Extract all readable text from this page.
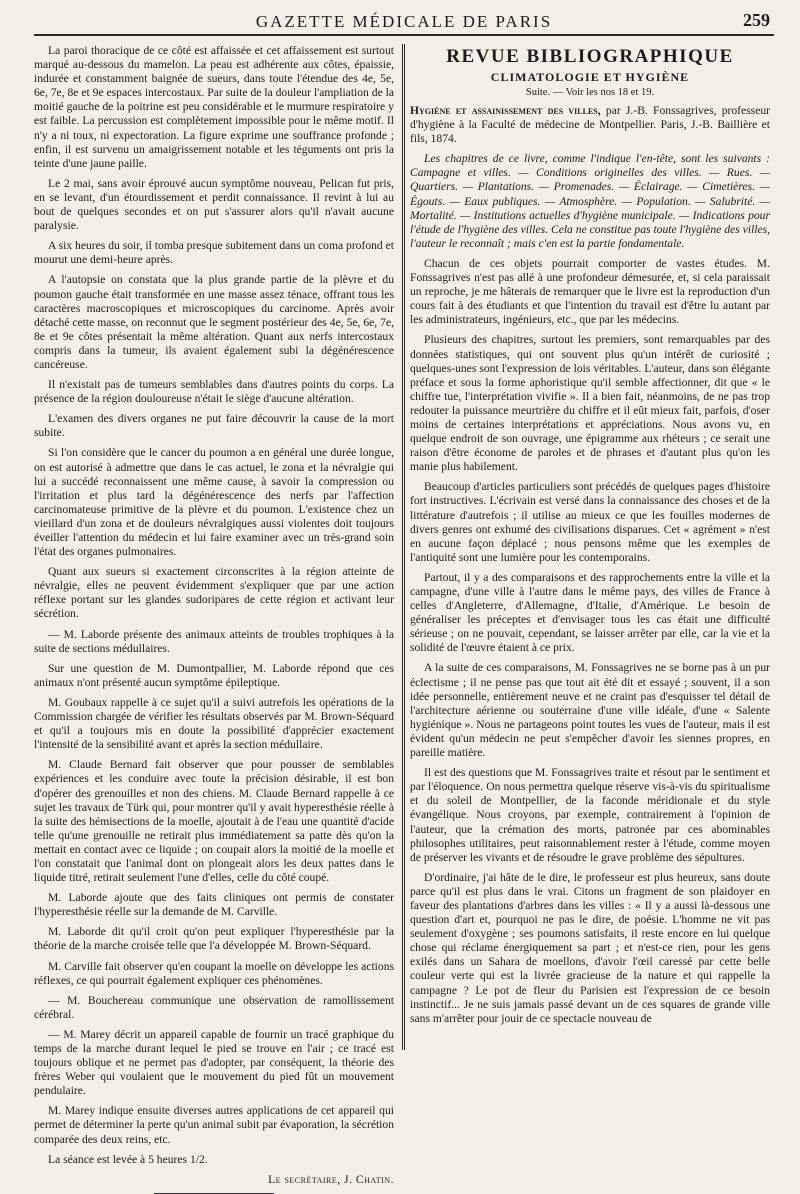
GAZETTE MÉDICALE DE PARIS	259

La paroi thoracique de ce côté est affaissée et cet affaissement est surtout marqué au-dessous du mamelon. La peau est adhérente aux côtes, épaissie, indurée et constamment baignée de sueurs, dans toute l'étendue des 4e, 5e, 6e, 7e, 8e et 9e espaces intercostaux. Par suite de la douleur l'ampliation de la moitié gauche de la poitrine est peu considérable et le murmure respiratoire y est faible. La percussion est complètement impossible pour le même motif. Il n'y a ni toux, ni expectoration. La figure exprime une souffrance profonde ; enfin, il est survenu un amaigrissement notable et les téguments ont pris la teinte d'une jaune paille.

Le 2 mai, sans avoir éprouvé aucun symptôme nouveau, Pelican fut pris, en se levant, d'un étourdissement et perdit connaissance. Il revint à lui au bout de quelques secondes et on put s'assurer alors qu'il n'avait aucune paralysie.

A six heures du soir, il tomba presque subitement dans un coma profond et mourut une demi-heure après.

A l'autopsie on constata que la plus grande partie de la plèvre et du poumon gauche était transformée en une masse assez ténace, offrant tous les caractères macroscopiques et microscopiques du carcinome. Après avoir détaché cette masse, on reconnut que le segment postérieur des 4e, 5e, 6e, 7e, 8e et 9e côtes présentait la même altération. Quant aux nerfs intercostaux compris dans la tumeur, ils avaient également subi la dégénérescence cancéreuse.

Il n'existait pas de tumeurs semblables dans d'autres points du corps. La présence de la région douloureuse n'était le siège d'aucune altération.

L'examen des divers organes ne put faire découvrir la cause de la mort subite.

Si l'on considère que le cancer du poumon a en général une durée longue, on est autorisé à admettre que dans le cas actuel, le zona et la névralgie qui lui a succédé reconnaissent une même cause, à savoir la compression ou l'irritation et plus tard la dégénérescence des nerfs par l'affection carcinomateuse primitive de la plèvre et du poumon. L'existence chez un vieillard d'un zona et de douleurs névralgiques aussi violentes doit toujours éveiller l'attention du médecin et lui faire examiner avec un très-grand soin l'état des organes pulmonaires.

Quant aux sueurs si exactement circonscrites à la région atteinte de névralgie, elles ne peuvent évidemment s'expliquer que par une action réflexe portant sur les glandes sudoripares de cette région et activant leur sécrétion.

— M. Laborde présente des animaux atteints de troubles trophiques à la suite de sections médullaires.

Sur une question de M. Dumontpallier, M. Laborde répond que ces animaux n'ont présenté aucun symptôme épileptique.

M. Goubaux rappelle à ce sujet qu'il a suivi autrefois les opérations de la Commission chargée de vérifier les résultats observés par M. Brown-Séquard et qu'il a toujours mis en doute la possibilité d'apprécier exactement l'intensité de la sensibilité avant et après la section médullaire.

M. Claude Bernard fait observer que pour pousser de semblables expériences et les conduire avec toute la précision désirable, il est bon d'opérer des grenouilles et non des chiens. M. Claude Bernard rappelle à ce sujet les travaux de Türk qui, pour montrer qu'il y avait hyperesthésie réelle à la suite des hémisections de la moelle, ajoutait à de l'eau une quantité d'acide telle qu'une grenouille ne retirait plus immédiatement sa patte dès qu'on la mettait en contact avec ce liquide ; on coupait alors la moitié de la moelle et l'on constatait que l'animal dont on plongeait alors les deux pattes dans le liquide titré, retirait seulement l'une d'elles, celle du côté coupé.

M. Laborde ajoute que des faits cliniques ont permis de constater l'hyperesthésie réelle sur la demande de M. Carville.

M. Laborde dit qu'il croit qu'on peut expliquer l'hyperesthésie par la théorie de la marche croisée telle que l'a développée M. Brown-Séquard.

M. Carville fait observer qu'en coupant la moelle on développe les actions réflexes, ce qui pourrait également expliquer ces phénomènes.

— M. Bouchereau communique une observation de ramollissement cérébral.

— M. Marey décrit un appareil capable de fournir un tracé graphique du temps de la marche durant lequel le pied se trouve en l'air ; ce tracé est toujours oblique et ne permet pas d'adopter, par conséquent, la théorie des frères Weber qui voulaient que le mouvement du pied fût un mouvement pendulaire.

M. Marey indique ensuite diverses autres applications de cet appareil qui permet de déterminer la perte qu'un animal subit par évaporation, la sécrétion comparée des deux reins, etc.

La séance est levée à 5 heures 1/2.

Le secrétaire, J. Chatin.

REVUE BIBLIOGRAPHIQUE
CLIMATOLOGIE ET HYGIÈNE
Suite. — Voir les nos 18 et 19.

Hygiène et assainissement des villes, par J.-B. Fonssagrives, professeur d'hygiène à la Faculté de médecine de Montpellier. Paris, J.-B. Baillière et fils, 1874.

Les chapitres de ce livre, comme l'indique l'en-tête, sont les suivants : Campagne et villes. — Conditions originelles des villes. — Rues. — Quartiers. — Plantations. — Promenades. — Éclairage. — Cimetières. — Égouts. — Eaux publiques. — Atmosphère. — Population. — Salubrité. — Mortalité. — Institutions actuelles d'hygiène municipale. — Indications pour l'étude de l'hygiène des villes. Cela ne constitue pas toute l'hygiène des villes, l'auteur le reconnaît ; mais c'en est la partie fondamentale.

Chacun de ces objets pourrait comporter de vastes études. M. Fonssagrives n'est pas allé à une profondeur démesurée, et, si cela paraissait un reproche, je me hâterais de remarquer que le livre est la reproduction d'un cours fait à des étudiants et que l'intention du travail est d'être lu autant par les administrateurs, ingénieurs, etc., que par les médecins.

Plusieurs des chapitres, surtout les premiers, sont remarquables par des données statistiques, qui ont souvent plus qu'un intérêt de curiosité ; quelques-unes sont l'expression de lois véritables. L'auteur, dans son élégante préface et sous la forme aphoristique qu'il semble affectionner, dit que « le chiffre tue, l'interprétation vivifie ». Il a bien fait, néanmoins, de ne pas trop redouter la puissance meurtrière du chiffre et il eût mieux fait, parfois, d'oser moins de certaines interprétations et appréciations. Nous avons vu, en quelque endroit de son ouvrage, une épigramme aux rhéteurs ; ce serait une raison d'être économe de paroles et de phrases et d'autant plus qu'on les manie plus habilement.

Beaucoup d'articles particuliers sont précédés de quelques pages d'histoire fort instructives. L'écrivain est versé dans la connaissance des choses et de la littérature d'autrefois ; il utilise au mieux ce que les fouilles modernes de divers genres ont exhumé des civilisations disparues. Cet « agrément » n'est en aucune façon déplacé ; nous pensons même que les exemples de l'antiquité sont une lumière pour les contemporains.

Partout, il y a des comparaisons et des rapprochements entre la ville et la campagne, d'une ville à l'autre dans le même pays, des villes de France à celles d'Angleterre, d'Allemagne, d'Italie, d'Amérique. Le besoin de généraliser les préceptes et d'envisager tous les cas était une difficulté sérieuse ; on ne pouvait, cependant, se laisser arrêter par elle, car la vie et la solidité de l'œuvre étaient à ce prix.

A la suite de ces comparaisons, M. Fonssagrives ne se borne pas à un pur éclectisme ; il ne pense pas que tout ait été dit et essayé ; souvent, il a son idée personnelle, entièrement neuve et ne craint pas d'esquisser tel détail de l'architecture aérienne ou souterraine d'une ville idéale, d'une « Salente hygiénique ». Nous ne partageons point toutes les vues de l'auteur, mais il est évident qu'un médecin ne peut s'empêcher d'avoir les siennes propres, en pareille matière.

Il est des questions que M. Fonssagrives traite et résout par le sentiment et par l'éloquence. On nous permettra quelque réserve vis-à-vis du spiritualisme et du soleil de Montpellier, de la faconde méridionale et du style évangélique. Nous croyons, par exemple, contrairement à l'opinion de l'auteur, que la crémation des morts, patronée par ces abominables philosophes utilitaires, peut raisonnablement rester à l'étude, comme moyen de préserver les vivants et de résoudre le grave problème des sépultures.

D'ordinaire, j'ai hâte de le dire, le professeur est plus heureux, sans doute parce qu'il est plus dans le vrai. Citons un fragment de son plaidoyer en faveur des plantations d'arbres dans les villes : « Il y a aussi là-dessous une question d'art et, pourquoi ne pas le dire, de poésie. L'homme ne vit pas seulement d'oxygène ; ses poumons satisfaits, il reste encore en lui quelque chose qui réclame énergiquement sa part ; et n'est-ce rien, pour les gens exilés dans un Sahara de moellons, d'avoir l'œil caressé par cette belle couleur verte qui est la livrée gracieuse de la nature et qui rappelle la campagne ? Le pot de fleur du Parisien est l'expression de ce besoin instinctif... Je ne suis jamais passé devant un de ces squares de grande ville sans m'arrêter pour jouir de ce spectacle nouveau de
